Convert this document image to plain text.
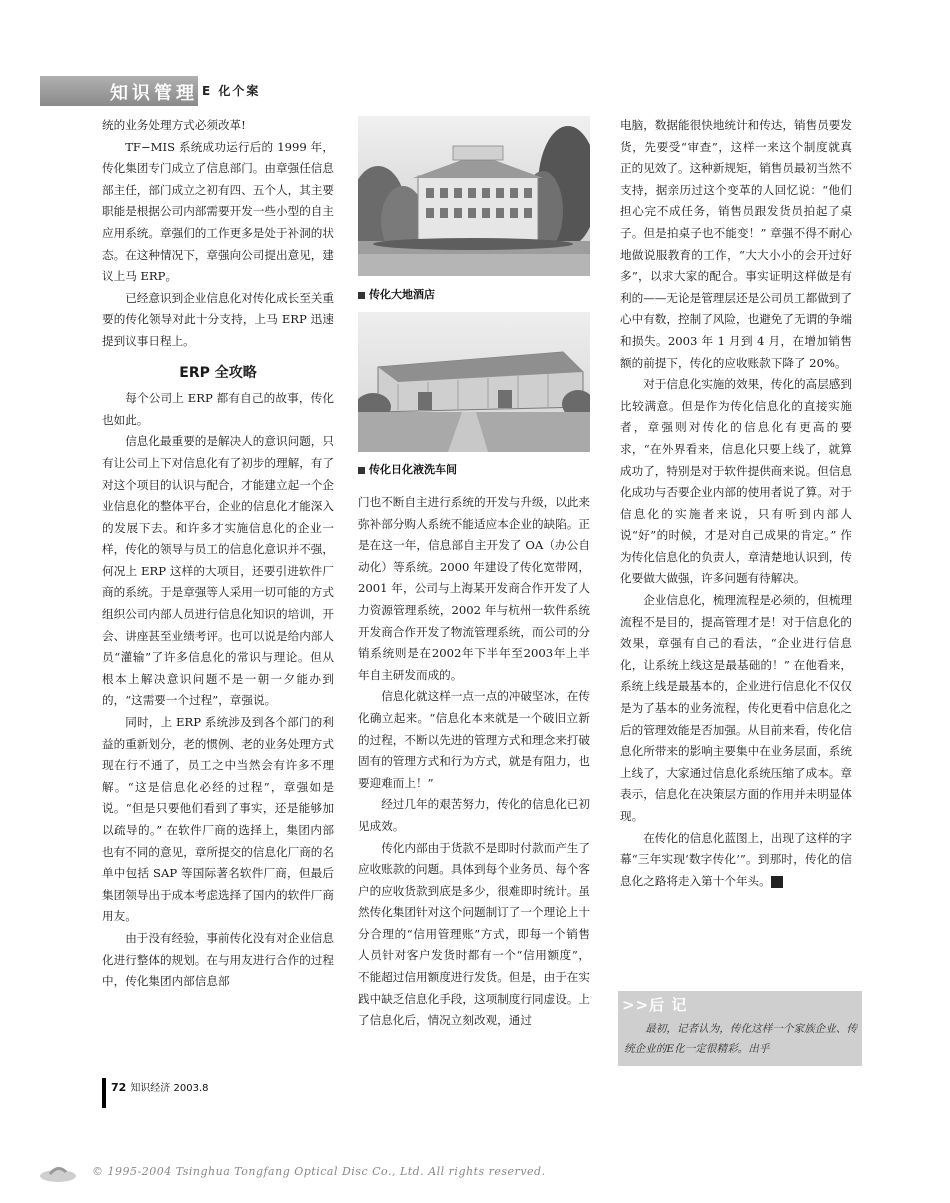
知识管理 E 化个案

统的业务处理方式必须改革!

TF−MIS 系统成功运行后的 1999 年，传化集团专门成立了信息部门。由章强任信息部主任，部门成立之初有四、五个人，其主要职能是根据公司内部需要开发一些小型的自主应用系统。章强们的工作更多是处于补洞的状态。在这种情况下，章强向公司提出意见，建议上马 ERP。

已经意识到企业信息化对传化成长至关重要的传化领导对此十分支持，上马 ERP 迅速提到议事日程上。

ERP 全攻略

每个公司上 ERP 都有自己的故事，传化也如此。

信息化最重要的是解决人的意识问题，只有让公司上下对信息化有了初步的理解，有了对这个项目的认识与配合，才能建立起一个企业信息化的整体平台，企业的信息化才能深入的发展下去。和许多才实施信息化的企业一样，传化的领导与员工的信息化意识并不强，何况上 ERP 这样的大项目，还要引进软件厂商的系统。于是章强等人采用一切可能的方式组织公司内部人员进行信息化知识的培训，开会、讲座甚至业绩考评。也可以说是给内部人员“灌输”了许多信息化的常识与理论。但从根本上解决意识问题不是一朝一夕能办到的，“这需要一个过程”，章强说。

同时，上 ERP 系统涉及到各个部门的利益的重新划分，老的惯例、老的业务处理方式现在行不通了，员工之中当然会有许多不理解。“这是信息化必经的过程”，章强如是说。“但是只要他们看到了事实，还是能够加以疏导的。” 在软件厂商的选择上，集团内部也有不同的意见，章所提交的信息化厂商的名单中包括 SAP 等国际著名软件厂商，但最后集团领导出于成本考虑选择了国内的软件厂商用友。

由于没有经验，事前传化没有对企业信息化进行整体的规划。在与用友进行合作的过程中，传化集团内部信息部

传化大地酒店
传化日化液洗车间

门也不断自主进行系统的开发与升级，以此来弥补部分购人系统不能适应本企业的缺陷。正是在这一年，信息部自主开发了 OA（办公自动化）等系统。2000 年建设了传化宽带网，2001 年，公司与上海某开发商合作开发了人力资源管理系统，2002 年与杭州一软件系统开发商合作开发了物流管理系统，而公司的分销系统则是在2002年下半年至2003年上半年自主研发而成的。

信息化就这样一点一点的冲破坚冰，在传化确立起来。“信息化本来就是一个破旧立新的过程，不断以先进的管理方式和理念来打破固有的管理方式和行为方式，就是有阻力，也要迎难而上！”

经过几年的艰苦努力，传化的信息化已初见成效。

传化内部由于货款不是即时付款而产生了应收账款的问题。具体到每个业务员、每个客户的应收货款到底是多少，很难即时统计。虽然传化集团针对这个问题制订了一个理论上十分合理的“信用管理账”方式，即每一个销售人员针对客户发货时都有一个“信用额度”，不能超过信用额度进行发货。但是，由于在实践中缺乏信息化手段，这项制度行同虚设。上了信息化后，情况立刻改观，通过

电脑，数据能很快地统计和传达，销售员要发货，先要受“审查”，这样一来这个制度就真正的见效了。这种新规矩，销售员最初当然不支持，据亲历过这个变革的人回忆说：“他们担心完不成任务，销售员跟发货员拍起了桌子。但是拍桌子也不能变！” 章强不得不耐心地做说服教育的工作，“大大小小的会开过好多”，以求大家的配合。事实证明这样做是有利的——无论是管理层还是公司员工都做到了心中有数，控制了风险，也避免了无谓的争端和损失。2003 年 1 月到 4 月，在增加销售额的前提下，传化的应收账款下降了 20%。

对于信息化实施的效果，传化的高层感到比较满意。但是作为传化信息化的直接实施者，章强则对传化的信息化有更高的要求，“在外界看来，信息化只要上线了，就算成功了，特别是对于软件提供商来说。但信息化成功与否要企业内部的使用者说了算。对于信息化的实施者来说，只有听到内部人说“好”的时候，才是对自己成果的肯定。” 作为传化信息化的负责人，章清楚地认识到，传化要做大做强，许多问题有待解决。

企业信息化，梳理流程是必须的，但梳理流程不是目的，提高管理才是！对于信息化的效果，章强有自己的看法，“企业进行信息化，让系统上线这是最基础的！” 在他看来，系统上线是最基本的，企业进行信息化不仅仅是为了基本的业务流程，传化更看中信息化之后的管理效能是否加强。从目前来看，传化信息化所带来的影响主要集中在业务层面，系统上线了，大家通过信息化系统压缩了成本。章表示，信息化在决策层方面的作用并未明显体现。

在传化的信息化蓝图上，出现了这样的字幕“三年实现‘数字传化’”。到那时，传化的信息化之路将走入第十个年头。	知

>>后 记
最初，记者认为，传化这样一个家族企业、传统企业的E化一定很精彩。出乎
72 知识经济 2003.8
© 1995-2004 Tsinghua Tongfang Optical Disc Co., Ltd. All rights reserved.
